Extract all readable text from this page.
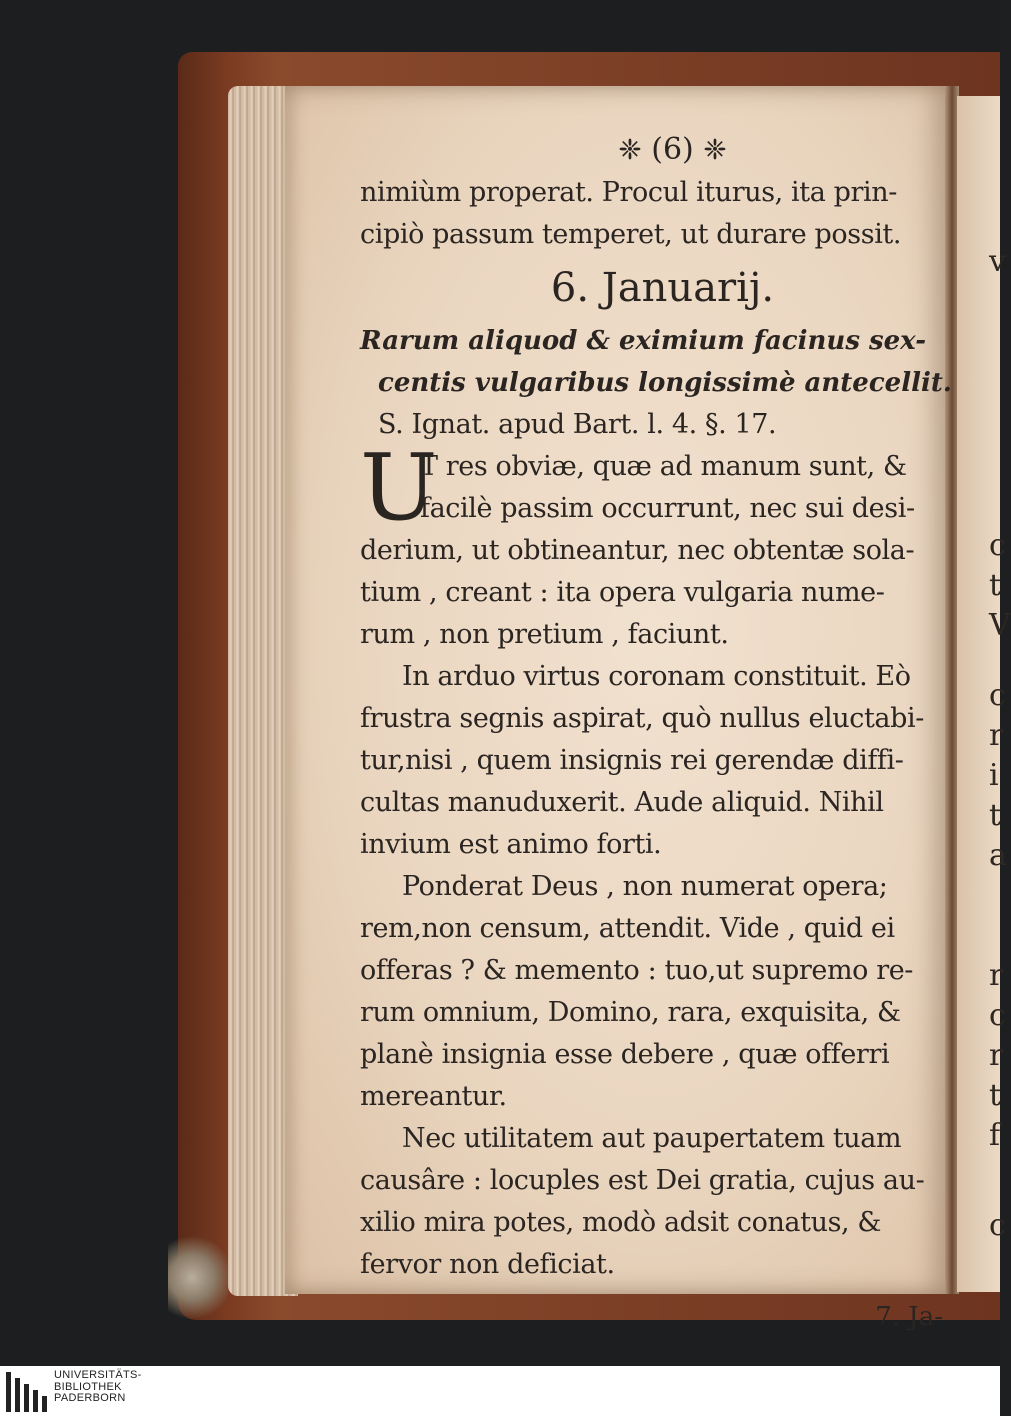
v
c
t
V
c
r
i
t
a
r
c
r
t
f
c
❈ (6) ❈
nimiùm properat. Procul iturus, ita prin-
cipiò passum temperet, ut durare possit.
6. Januarij.
Rarum aliquod & eximium facinus sex-
centis vulgaribus longissimè antecellit.
S. Ignat. apud Bart. l. 4. §. 17.
U
T res obviæ, quæ ad manum sunt, &
facilè passim occurrunt, nec sui desi-
derium, ut obtineantur, nec obtentæ sola-
tium , creant : ita opera vulgaria nume-
rum , non pretium , faciunt.
In arduo virtus coronam constituit. Eò
frustra segnis aspirat, quò nullus eluctabi-
tur,nisi , quem insignis rei gerendæ diffi-
cultas manuduxerit. Aude aliquid. Nihil
invium est animo forti.
Ponderat Deus , non numerat opera;
rem,non censum, attendit. Vide , quid ei
offeras ? & memento : tuo,ut supremo re-
rum omnium, Domino, rara, exquisita, &
planè insignia esse debere , quæ offerri
mereantur.
Nec utilitatem aut paupertatem tuam
causâre : locuples est Dei gratia, cujus au-
xilio mira potes, modò adsit conatus, &
fervor non deficiat.
7. Ja-
UNIVERSITÄTS-
BIBLIOTHEK
PADERBORN
